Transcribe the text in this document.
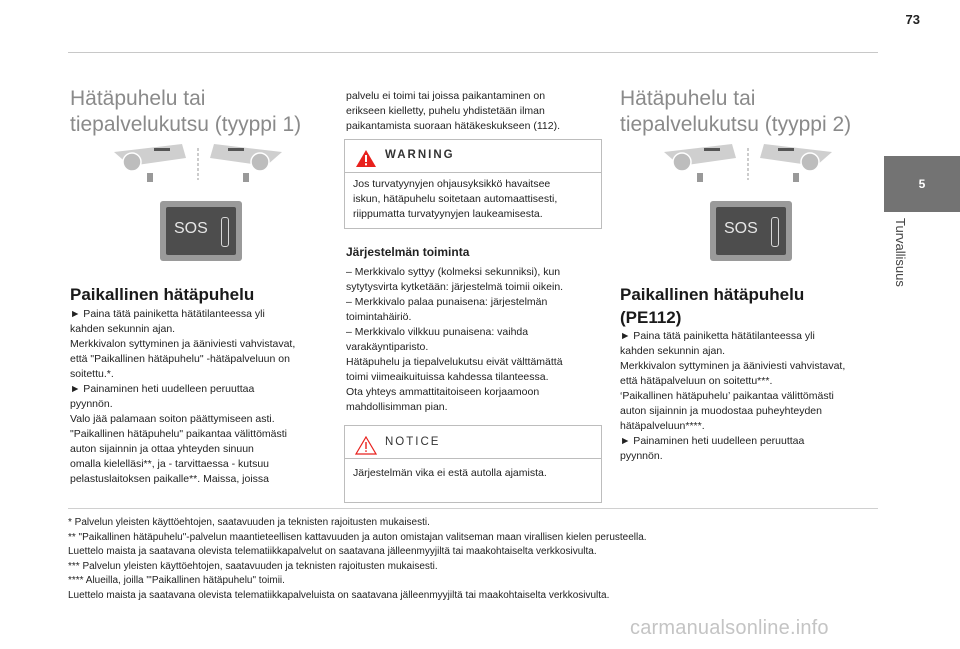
73
5
Turvallisuus
Hätäpuhelu tai tiepalvelukutsu (tyyppi 1)
SOS
Paikallinen hätäpuhelu
► Paina tätä painiketta hätätilanteessa yli
kahden sekunnin ajan.
Merkkivalon syttyminen ja ääniviesti vahvistavat,
että "Paikallinen hätäpuhelu" -hätäpalveluun on
soitettu.*.
► Painaminen heti uudelleen peruuttaa
pyynnön.
Valo jää palamaan soiton päättymiseen asti.
"Paikallinen hätäpuhelu" paikantaa välittömästi
auton sijainnin ja ottaa yhteyden sinuun
omalla kielelläsi**, ja - tarvittaessa - kutsuu
pelastuslaitoksen paikalle**. Maissa, joissa
palvelu ei toimi tai joissa paikantaminen on
erikseen kielletty, puhelu yhdistetään ilman
paikantamista suoraan hätäkeskukseen (112).
WARNING
Jos turvatyynyjen ohjausyksikkö havaitsee
iskun, hätäpuhelu soitetaan automaattisesti,
riippumatta turvatyynyjen laukeamisesta.
Järjestelmän toiminta
– Merkkivalo syttyy (kolmeksi sekunniksi), kun
sytytysvirta kytketään: järjestelmä toimii oikein.
– Merkkivalo palaa punaisena: järjestelmän
toimintahäiriö.
– Merkkivalo vilkkuu punaisena: vaihda
varakäyntiparisto.
Hätäpuhelu ja tiepalvelukutsu eivät välttämättä
toimi viimeaikuituissa kahdessa tilanteessa.
Ota yhteys ammattitaitoiseen korjaamoon
mahdollisimman pian.
NOTICE
Järjestelmän vika ei estä autolla ajamista.
Hätäpuhelu tai tiepalvelukutsu (tyyppi 2)
SOS
Paikallinen hätäpuhelu (PE112)
► Paina tätä painiketta hätätilanteessa yli
kahden sekunnin ajan.
Merkkivalon syttyminen ja ääniviesti vahvistavat,
että hätäpalveluun on soitettu***.
‘Paikallinen hätäpuhelu’ paikantaa välittömästi
auton sijainnin ja muodostaa puheyhteyden
hätäpalveluun****.
► Painaminen heti uudelleen peruuttaa
pyynnön.
* Palvelun yleisten käyttöehtojen, saatavuuden ja teknisten rajoitusten mukaisesti.
** "Paikallinen hätäpuhelu"-palvelun maantieteellisen kattavuuden ja auton omistajan valitseman maan virallisen kielen perusteella.
Luettelo maista ja saatavana olevista telematiikkapalvelut on saatavana jälleenmyyjiltä tai maakohtaiselta verkkosivulta.
*** Palvelun yleisten käyttöehtojen, saatavuuden ja teknisten rajoitusten mukaisesti.
**** Alueilla, joilla "'Paikallinen hätäpuhelu" toimii.
Luettelo maista ja saatavana olevista telematiikkapalveluista on saatavana jälleenmyyjiltä tai maakohtaiselta verkkosivulta.
carmanualsonline.info
